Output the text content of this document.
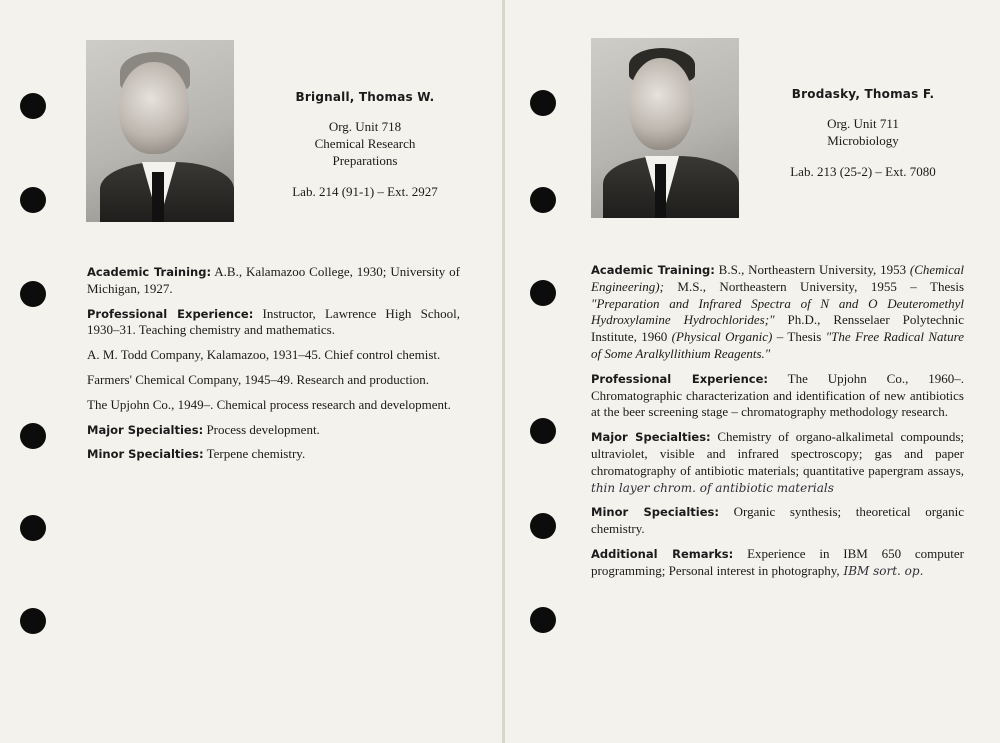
Brignall, Thomas W.
Org. Unit 718
Chemical Research
Preparations
Lab. 214 (91-1) – Ext. 2927

Academic Training: A.B., Kalamazoo College, 1930; University of Michigan, 1927.

Professional Experience: Instructor, Lawrence High School, 1930–31. Teaching chemistry and mathematics.

A. M. Todd Company, Kalamazoo, 1931–45. Chief control chemist.

Farmers' Chemical Company, 1945–49. Research and production.

The Upjohn Co., 1949–. Chemical process research and development.

Major Specialties: Process development.

Minor Specialties: Terpene chemistry.

Brodasky, Thomas F.
Org. Unit 711
Microbiology
Lab. 213 (25-2) – Ext. 7080

Academic Training: B.S., Northeastern University, 1953 (Chemical Engineering); M.S., Northeastern University, 1955 – Thesis "Preparation and Infrared Spectra of N and O Deuteromethyl Hydroxylamine Hydrochlorides;" Ph.D., Rensselaer Polytechnic Institute, 1960 (Physical Organic) – Thesis "The Free Radical Nature of Some Aralkyllithium Reagents."

Professional Experience: The Upjohn Co., 1960–. Chromatographic characterization and identification of new antibiotics at the beer screening stage – chromatography methodology research.

Major Specialties: Chemistry of organo-alkalimetal compounds; ultraviolet, visible and infrared spectroscopy; gas and paper chromatography of antibiotic materials; quantitative papergram assays, thin layer chrom. of antibiotic materials

Minor Specialties: Organic synthesis; theoretical organic chemistry.

Additional Remarks: Experience in IBM 650 computer programming; Personal interest in photography, IBM sort. op.
